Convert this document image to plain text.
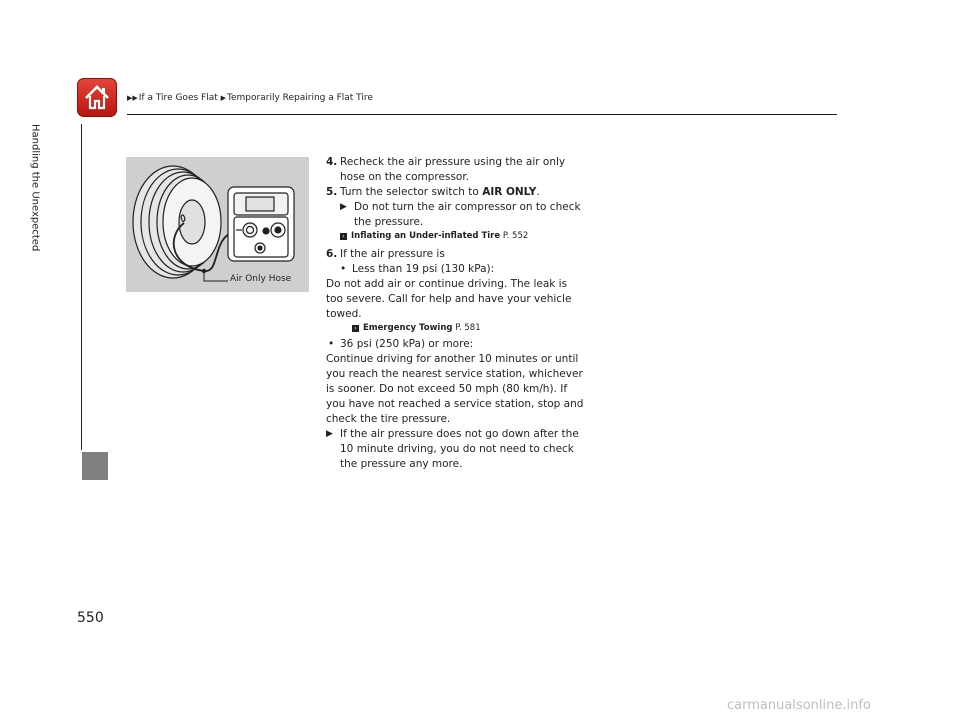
▶▶If a Tire Goes Flat ▶Temporarily Repairing a Flat Tire
Handling the Unexpected
550
Air Only Hose

4. Recheck the air pressure using the air only hose on the compressor.

5. Turn the selector switch to AIR ONLY.

▶ Do not turn the air compressor on to check the pressure.

› Inflating an Under-inflated Tire P. 552

6. If the air pressure is

• Less than 19 psi (130 kPa):

Do not add air or continue driving. The leak is too severe. Call for help and have your vehicle towed.

› Emergency Towing P. 581

• 36 psi (250 kPa) or more:

Continue driving for another 10 minutes or until you reach the nearest service station, whichever is sooner. Do not exceed 50 mph (80 km/h). If you have not reached a service station, stop and check the tire pressure.

▶ If the air pressure does not go down after the 10 minute driving, you do not need to check the pressure any more.

carmanualsonline.info
